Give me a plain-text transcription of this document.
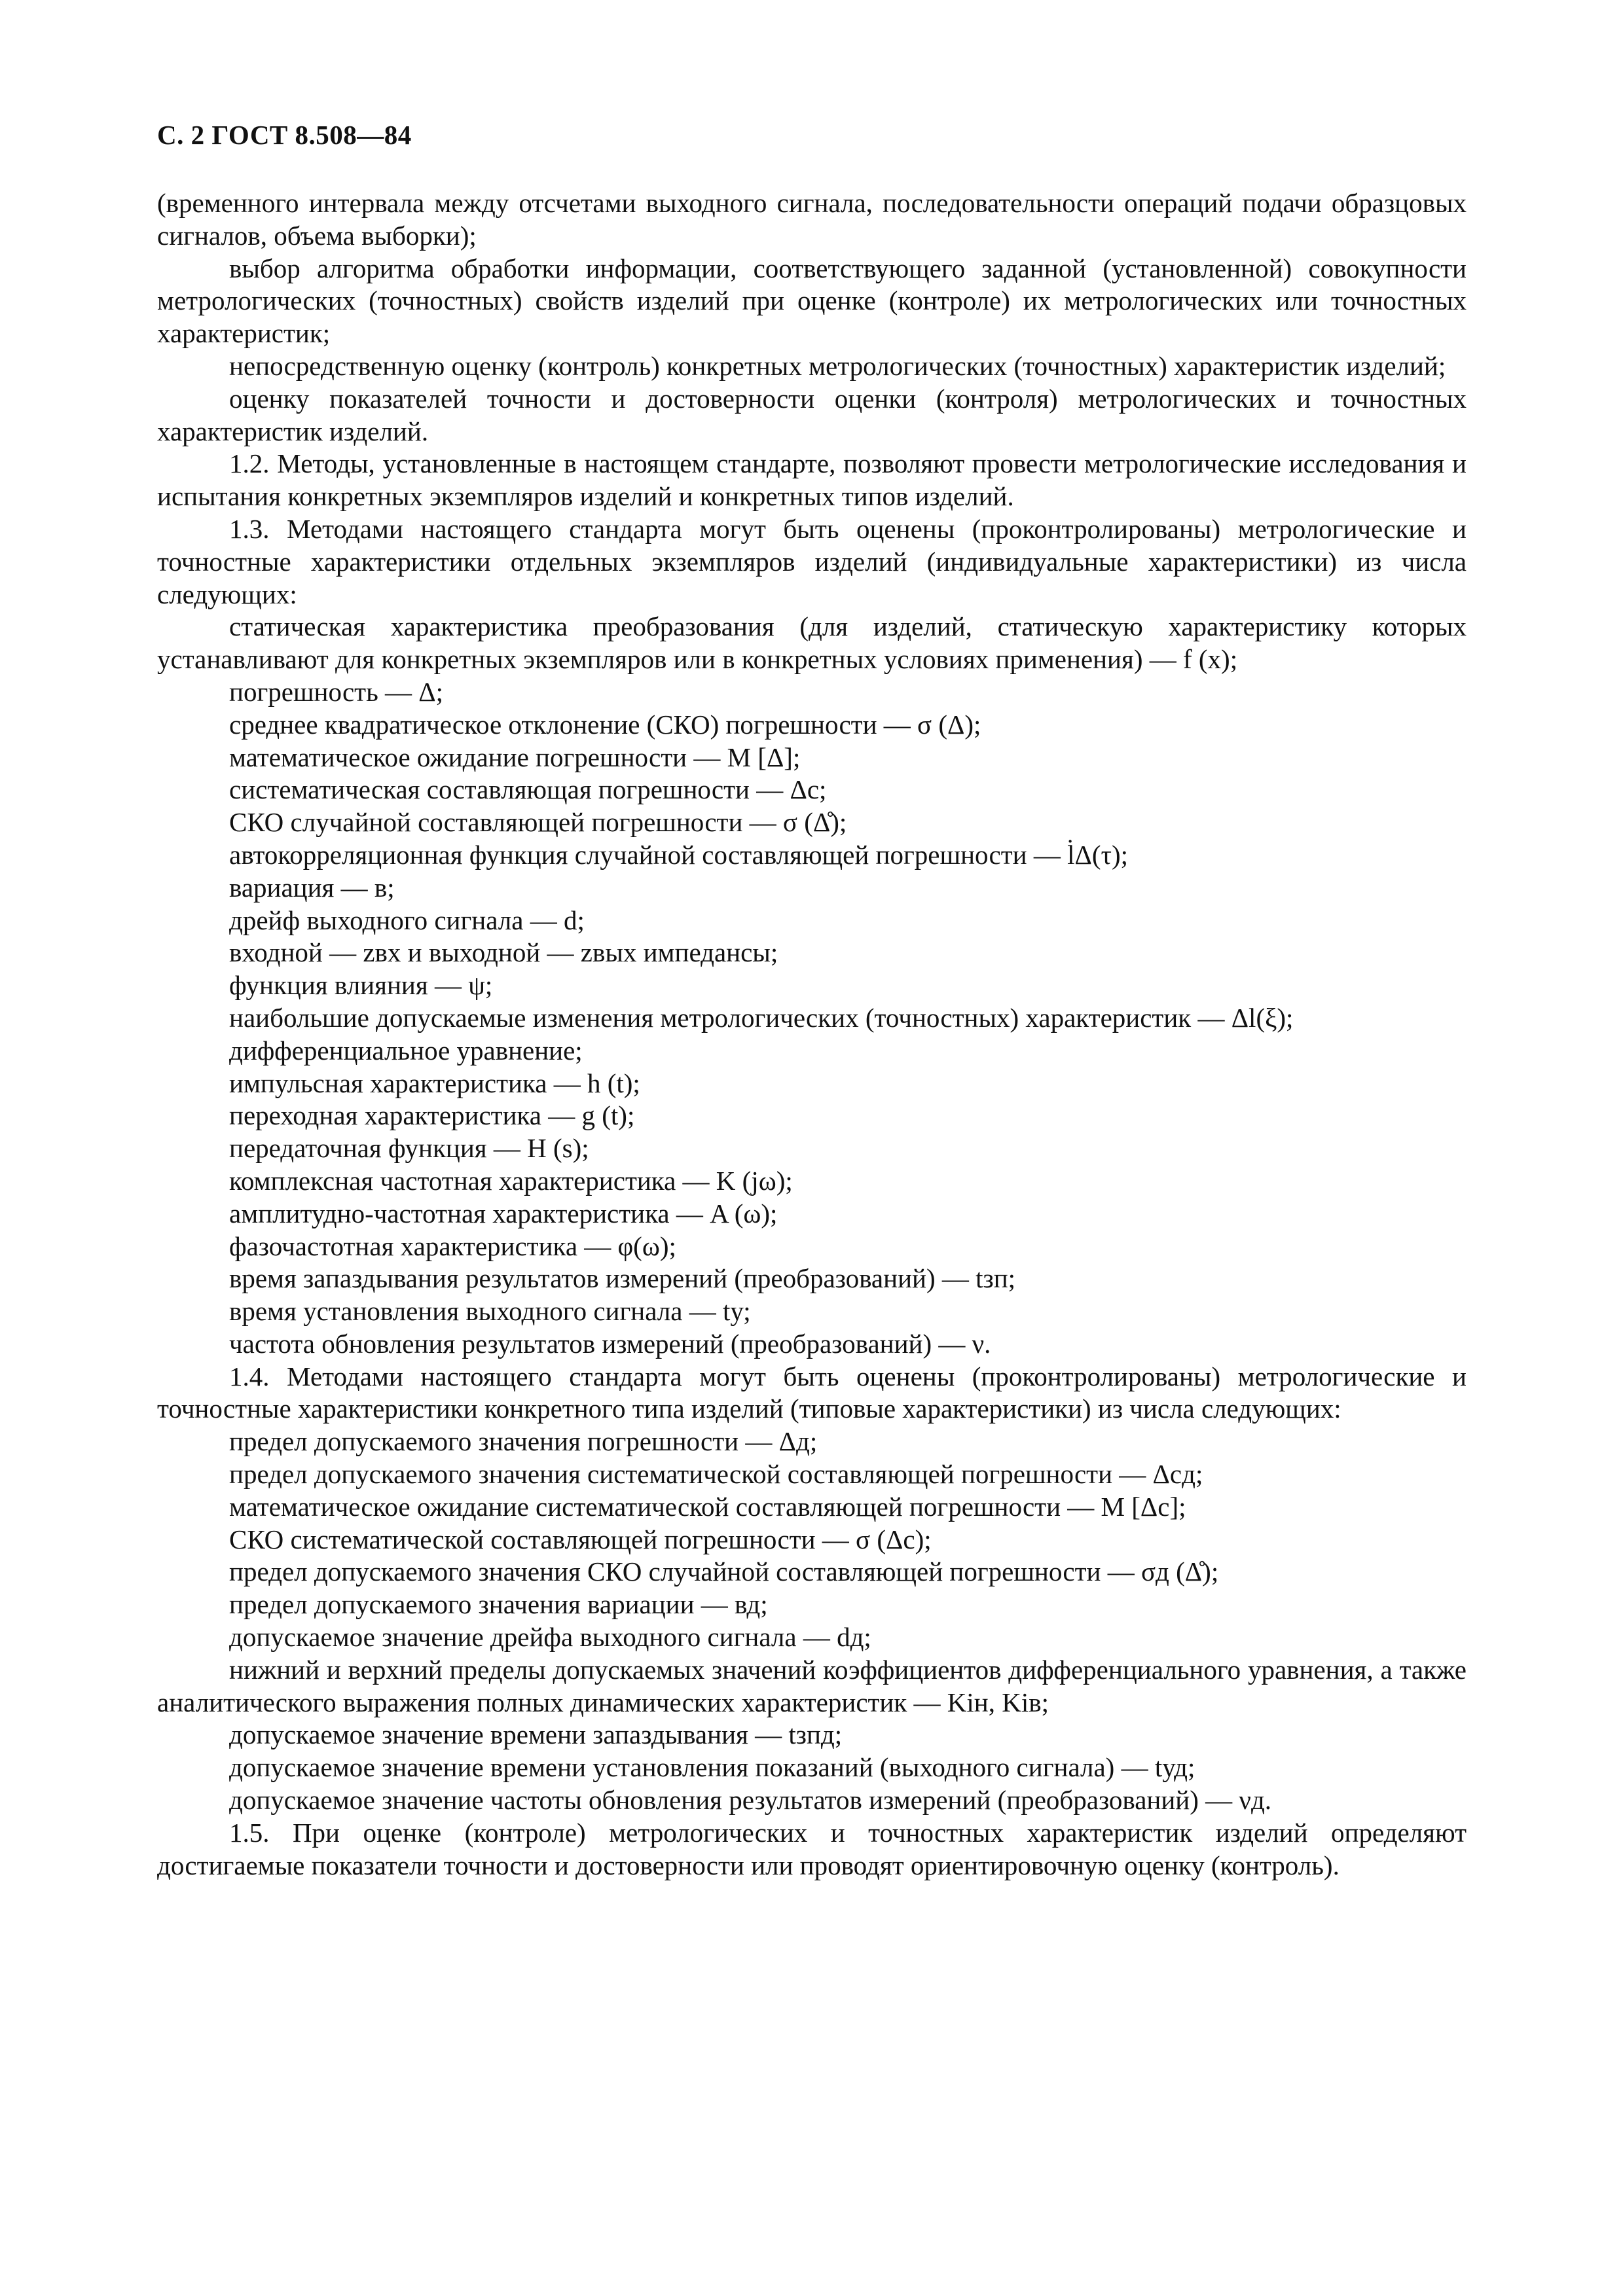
С. 2 ГОСТ 8.508—84

(временного интервала между отсчетами выходного сигнала, последовательности операций подачи образцовых сигналов, объема выборки);

выбор алгоритма обработки информации, соответствующего заданной (установленной) совокупности метрологических (точностных) свойств изделий при оценке (контроле) их метрологических или точностных характеристик;

непосредственную оценку (контроль) конкретных метрологических (точностных) характеристик изделий;

оценку показателей точности и достоверности оценки (контроля) метрологических и точностных характеристик изделий.

1.2. Методы, установленные в настоящем стандарте, позволяют провести метрологические исследования и испытания конкретных экземпляров изделий и конкретных типов изделий.

1.3. Методами настоящего стандарта могут быть оценены (проконтролированы) метрологические и точностные характеристики отдельных экземпляров изделий (индивидуальные характеристики) из числа следующих:

статическая характеристика преобразования (для изделий, статическую характеристику которых устанавливают для конкретных экземпляров или в конкретных условиях применения) — f (x);

погрешность — Δ;

среднее квадратическое отклонение (СКО) погрешности — σ (Δ);

математическое ожидание погрешности — M [Δ];

систематическая составляющая погрешности — Δс;

СКО случайной составляющей погрешности — σ (Δ̊);

автокорреляционная функция случайной составляющей погрешности — l̇Δ(τ);

вариация — в;

дрейф выходного сигнала — d;

входной — zвх и выходной — zвых импедансы;

функция влияния — ψ;

наибольшие допускаемые изменения метрологических (точностных) характеристик — Δl(ξ);

дифференциальное уравнение;

импульсная характеристика — h (t);

переходная характеристика — g (t);

передаточная функция — H (s);

комплексная частотная характеристика — K (jω);

амплитудно-частотная характеристика — A (ω);

фазочастотная характеристика — φ(ω);

время запаздывания результатов измерений (преобразований) — tзп;

время установления выходного сигнала — tу;

частота обновления результатов измерений (преобразований) — ν.

1.4. Методами настоящего стандарта могут быть оценены (проконтролированы) метрологические и точностные характеристики конкретного типа изделий (типовые характеристики) из числа следующих:

предел допускаемого значения погрешности — Δд;

предел допускаемого значения систематической составляющей погрешности — Δсд;

математическое ожидание систематической составляющей погрешности — M [Δс];

СКО систематической составляющей погрешности — σ (Δс);

предел допускаемого значения СКО случайной составляющей погрешности — σд (Δ̊);

предел допускаемого значения вариации — вд;

допускаемое значение дрейфа выходного сигнала — dд;

нижний и верхний пределы допускаемых значений коэффициентов дифференциального уравнения, а также аналитического выражения полных динамических характеристик — Kiн, Kiв;

допускаемое значение времени запаздывания — tзпд;

допускаемое значение времени установления показаний (выходного сигнала) — tуд;

допускаемое значение частоты обновления результатов измерений (преобразований) — νд.

1.5. При оценке (контроле) метрологических и точностных характеристик изделий определяют достигаемые показатели точности и достоверности или проводят ориентировочную оценку (контроль).
